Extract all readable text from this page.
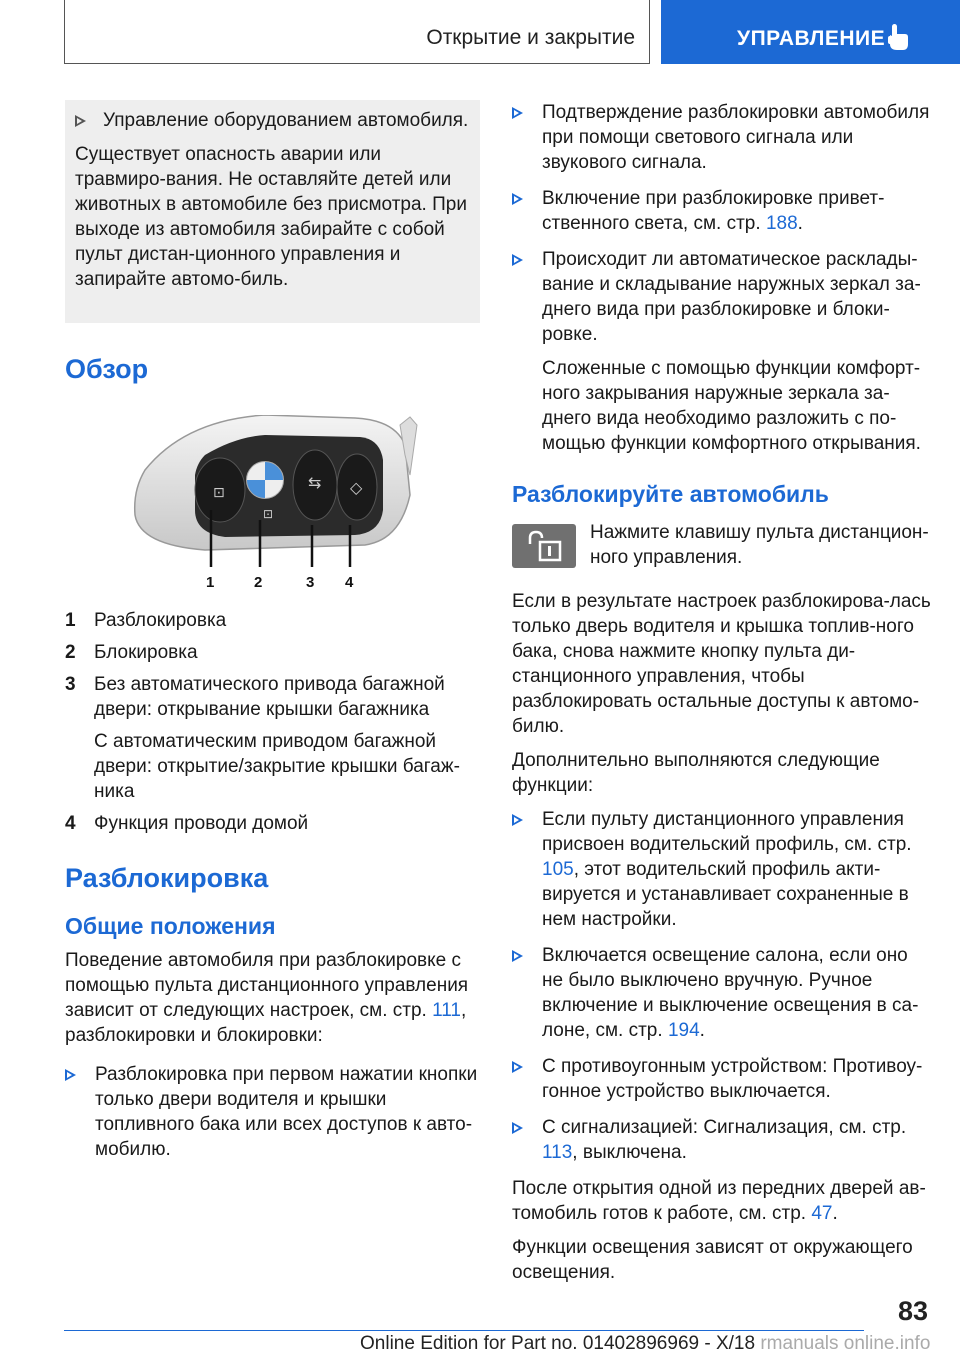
Открытие и закрытие	УПРАВЛЕНИЕ
Управление оборудованием автомобиля.

Существует опасность аварии или травмиро-вания. Не оставляйте детей или животных в автомобиле без присмотра. При выходе из автомобиля забирайте с собой пульт дистан-ционного управления и запирайте автомо-биль.

Обзор
⊡
⊡
⇆ ◇
1	2	3 4
1 Разблокировка
2 Блокировка
3 Без автоматического привода багажной двери: открывание крышки багажника
С автоматическим приводом багажной двери: открытие/закрытие крышки багаж-ника
4 Функция проводи домой
Разблокировка
Общие положения

Поведение автомобиля при разблокировке с помощью пульта дистанционного управления зависит от следующих настроек, см. стр. 111, разблокировки и блокировки:

Разблокировка при первом нажатии кнопки только двери водителя и крышки топливного бака или всех доступов к авто-мобилю.
Подтверждение разблокировки автомобиля при помощи светового сигнала или звукового сигнала.
Включение при разблокировке привет-ственного света, см. стр. 188.
Происходит ли автоматическое расклады-вание и складывание наружных зеркал за-днего вида при разблокировке и блоки-ровке.
Сложенные с помощью функции комфорт-ного закрывания наружные зеркала за-днего вида необходимо разложить с по-мощью функции комфортного открывания.
Разблокируйте автомобиль
Нажмите клавишу пульта дистанцион-ного управления.

Если в результате настроек разблокирова-лась только дверь водителя и крышка топлив-ного бака, снова нажмите кнопку пульта ди-станционного управления, чтобы разблокировать остальные доступы к автомо-билю.

Дополнительно выполняются следующие функции:

Если пульту дистанционного управления присвоен водительский профиль, см. стр. 105, этот водительский профиль акти-вируется и устанавливает сохраненные в нем настройки.
Включается освещение салона, если оно не было выключено вручную. Ручное включение и выключение освещения в са-лоне, см. стр. 194.
С противоугонным устройством: Противоу-гонное устройство выключается.
С сигнализацией: Сигнализация, см. стр. 113, выключена.

После открытия одной из передних дверей ав-томобиль готов к работе, см. стр. 47.

Функции освещения зависят от окружающего освещения.

83
Online Edition for Part no. 01402896969 - X/18 rmanuals online.info
